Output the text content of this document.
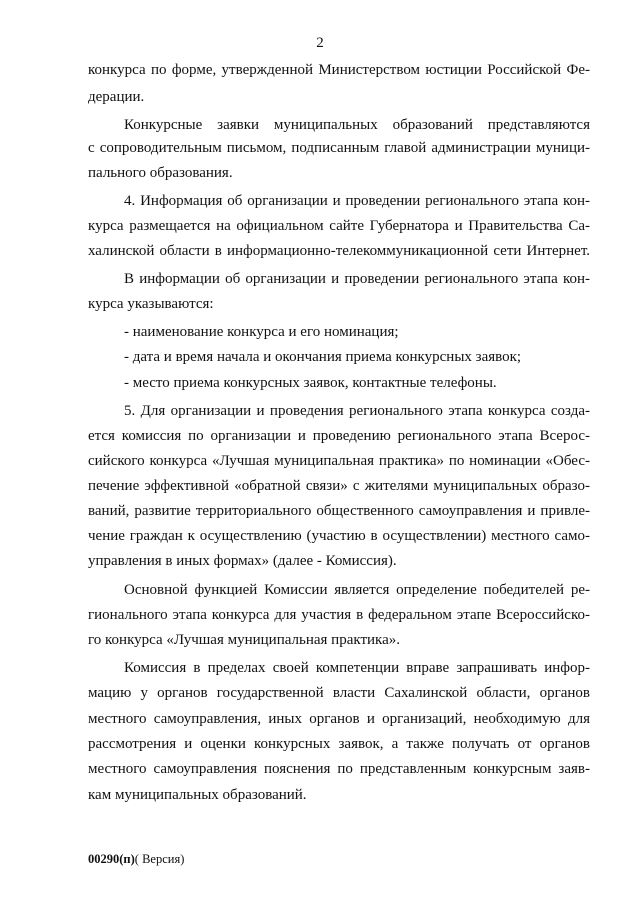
2
конкурса по форме, утвержденной Министерством юстиции Российской Фе-
дерации.
Конкурсные заявки муниципальных образований представляются
с сопроводительным письмом, подписанным главой администрации муници-
пального образования.
4. Информация об организации и проведении регионального этапа кон-
курса размещается на официальном сайте Губернатора и Правительства Са-
халинской области в информационно-телекоммуникационной сети Интернет.
В информации об организации и проведении регионального этапа кон-
курса указываются:
- наименование конкурса и его номинация;
- дата и время начала и окончания приема конкурсных заявок;
- место приема конкурсных заявок, контактные телефоны.
5. Для организации и проведения регионального этапа конкурса созда-
ется комиссия по организации и проведению регионального этапа Всерос-
сийского конкурса «Лучшая муниципальная практика» по номинации «Обес-
печение эффективной «обратной связи» с жителями муниципальных образо-
ваний, развитие территориального общественного самоуправления и привле-
чение граждан к осуществлению (участию в осуществлении) местного само-
управления в иных формах» (далее - Комиссия).
Основной функцией Комиссии является определение победителей ре-
гионального этапа конкурса для участия в федеральном этапе Всероссийско-
го конкурса «Лучшая муниципальная практика».
Комиссия в пределах своей компетенции вправе запрашивать инфор-
мацию у органов государственной власти Сахалинской области, органов
местного самоуправления, иных органов и организаций, необходимую для
рассмотрения и оценки конкурсных заявок, а также получать от органов
местного самоуправления пояснения по представленным конкурсным заяв-
кам муниципальных образований.
00290(п)( Версия)
